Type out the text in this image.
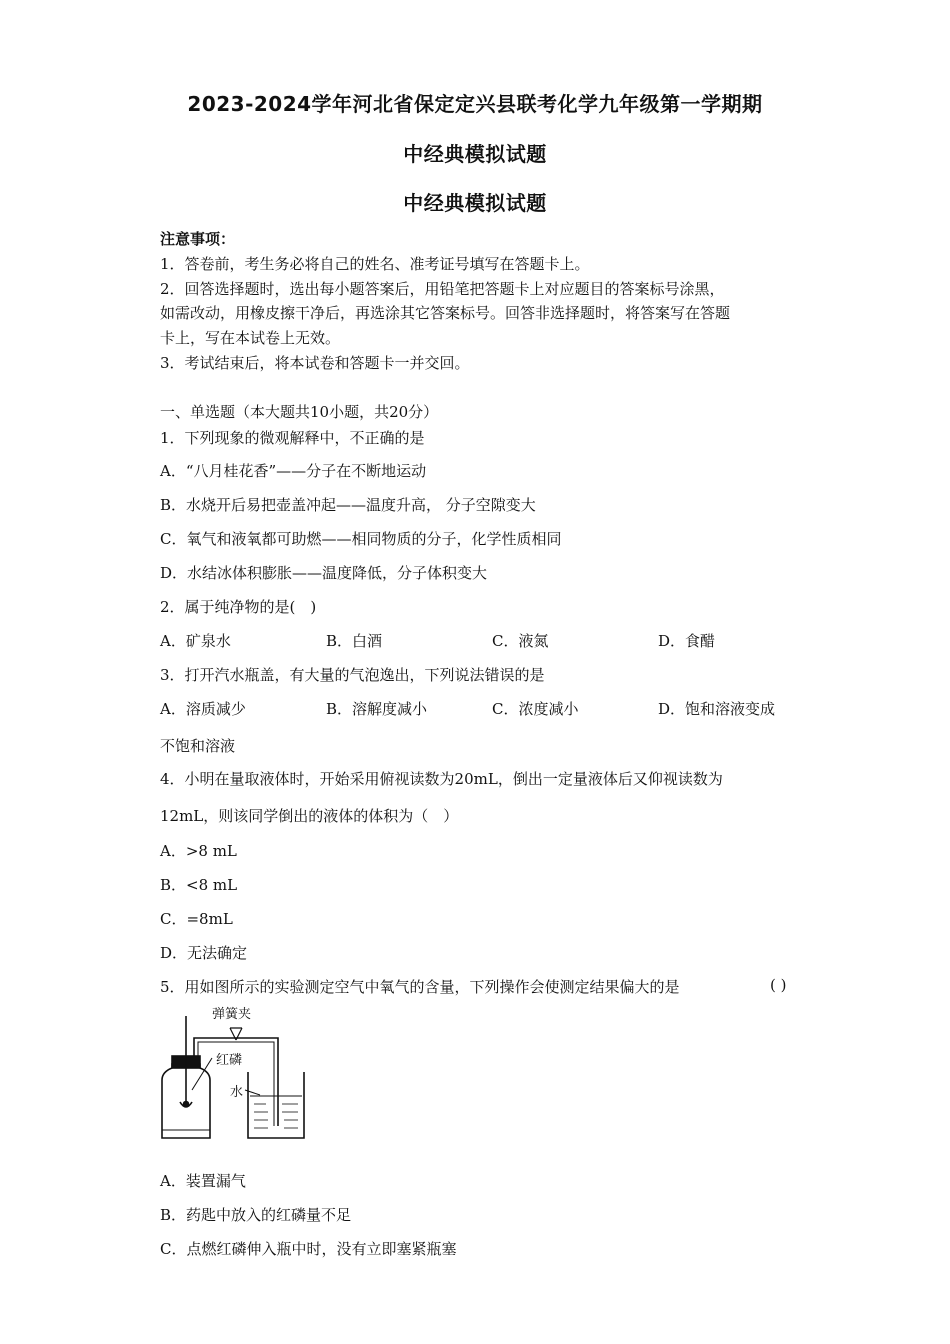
2023-2024学年河北省保定定兴县联考化学九年级第一学期期
中经典模拟试题
中经典模拟试题
注意事项：
1．答卷前，考生务必将自己的姓名、准考证号填写在答题卡上。
2．回答选择题时，选出每小题答案后，用铅笔把答题卡上对应题目的答案标号涂黑，
如需改动，用橡皮擦干净后，再选涂其它答案标号。回答非选择题时，将答案写在答题
卡上，写在本试卷上无效。
3．考试结束后，将本试卷和答题卡一并交回。
一、单选题（本大题共10小题，共20分）
1．下列现象的微观解释中，不正确的是
A．“八月桂花香”——分子在不断地运动
B．水烧开后易把壶盖冲起——温度升高， 分子空隙变大
C．氧气和液氧都可助燃——相同物质的分子，化学性质相同
D．水结冰体积膨胀——温度降低，分子体积变大
2．属于纯净物的是(　)
A．矿泉水	B．白酒	C．液氮	D．食醋
3．打开汽水瓶盖，有大量的气泡逸出，下列说法错误的是
A．溶质减少	B．溶解度减小	C．浓度减小	D．饱和溶液变成
不饱和溶液
4．小明在量取液体时，开始采用俯视读数为20mL，倒出一定量液体后又仰视读数为
12mL，则该同学倒出的液体的体积为（　）
A．>8 mL
B．<8 mL
C．=8mL
D．无法确定
5．用如图所示的实验测定空气中氧气的含量，下列操作会使测定结果偏大的是	( )
弹簧夹
红磷
水
A．装置漏气
B．药匙中放入的红磷量不足
C．点燃红磷伸入瓶中时，没有立即塞紧瓶塞
